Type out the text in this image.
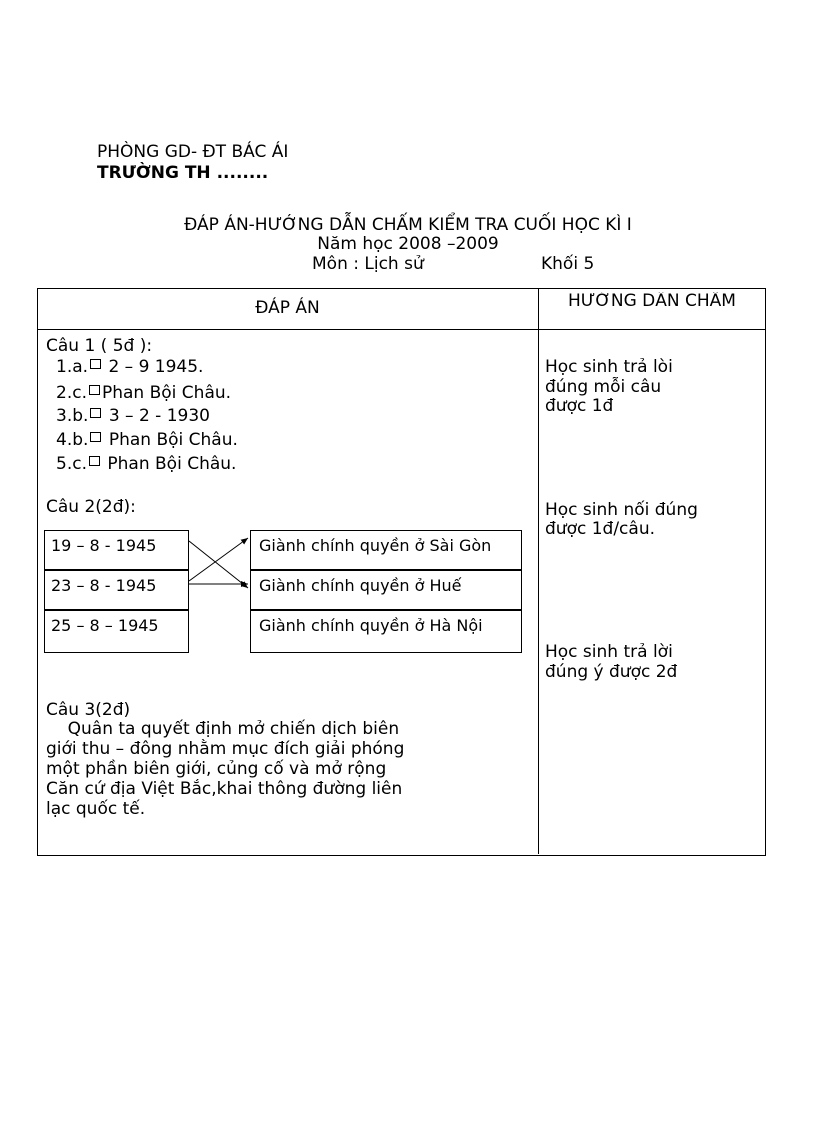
PHÒNG GD- ĐT BÁC ÁI
TRƯỜNG TH ........
ĐÁP ÁN-HƯỚNG DẪN CHẤM KIỂM TRA CUỐI HỌC KÌ I
Năm học 2008 –2009
Môn : Lịch sử	Khối 5
ĐÁP ÁN	HƯỚNG DẪN CHẤM
Câu 1 ( 5đ ):
1.a. 2 – 9 1945.
2.c. Phan Bội Châu.
3.b. 3 – 2 - 1930
4.b. Phan Bội Châu.
5.c. Phan Bội Châu.
Học sinh trả lòi
đúng mỗi câu
được 1đ
Câu 2(2đ):
19 – 8 - 1945
23 – 8 - 1945
25 – 8 – 1945
Giành chính quyền ở Sài Gòn
Giành chính quyền ở Huế
Giành chính quyền ở Hà Nội
Học sinh nối đúng
được 1đ/câu.
Học sinh trả lời
đúng ý được 2đ
Câu 3(2đ)
Quân ta quyết định mở chiến dịch biên
giới thu – đông nhằm mục đích giải phóng
một phần biên giới, củng cố và mở rộng
Căn cứ địa Việt Bắc,khai thông đường liên
lạc quốc tế.
